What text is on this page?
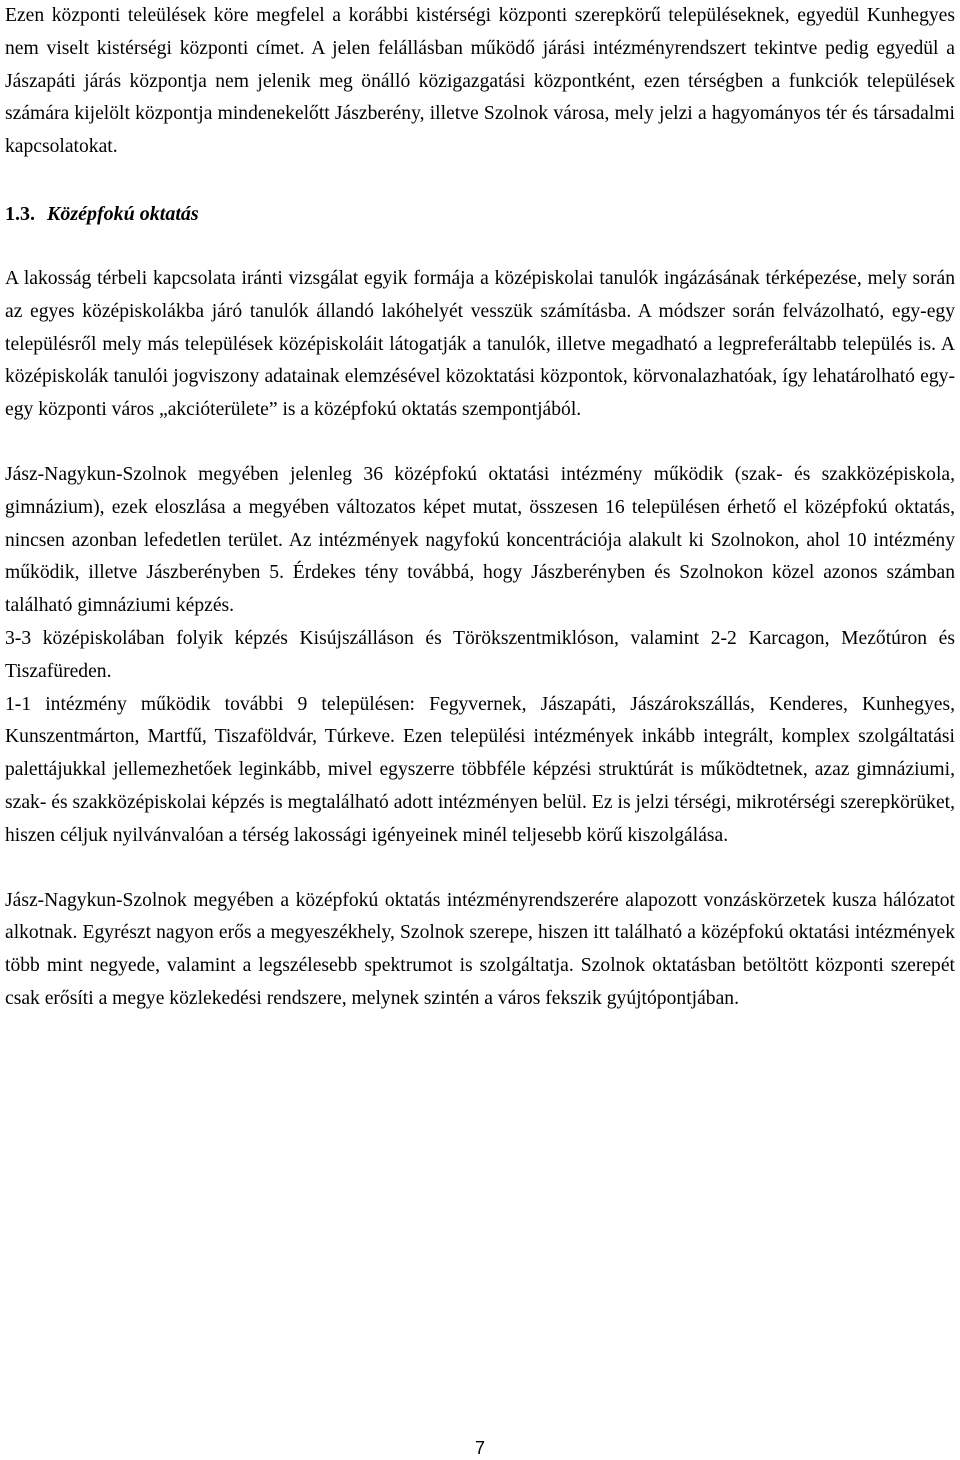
Ezen központi teleülések köre megfelel a korábbi kistérségi központi szerepkörű településeknek, egyedül Kunhegyes nem viselt kistérségi központi címet. A jelen felállásban működő járási intézményrendszert tekintve pedig egyedül a Jászapáti járás központja nem jelenik meg önálló közigazgatási központként, ezen térségben a funkciók települések számára kijelölt központja mindenekelőtt Jászberény, illetve Szolnok városa, mely jelzi a hagyományos tér és társadalmi kapcsolatokat.

1.3. Középfokú oktatás

A lakosság térbeli kapcsolata iránti vizsgálat egyik formája a középiskolai tanulók ingázásának térképezése, mely során az egyes középiskolákba járó tanulók állandó lakóhelyét vesszük számításba. A módszer során felvázolható, egy-egy településről mely más települések középiskoláit látogatják a tanulók, illetve megadható a legpreferáltabb település is. A középiskolák tanulói jogviszony adatainak elemzésével közoktatási központok, körvonalazhatóak, így lehatárolható egy-egy központi város „akcióterülete” is a középfokú oktatás szempontjából.

Jász-Nagykun-Szolnok megyében jelenleg 36 középfokú oktatási intézmény működik (szak- és szakközépiskola, gimnázium), ezek eloszlása a megyében változatos képet mutat, összesen 16 településen érhető el középfokú oktatás, nincsen azonban lefedetlen terület. Az intézmények nagyfokú koncentrációja alakult ki Szolnokon, ahol 10 intézmény működik, illetve Jászberényben 5. Érdekes tény továbbá, hogy Jászberényben és Szolnokon közel azonos számban található gimnáziumi képzés.

3-3 középiskolában folyik képzés Kisújszálláson és Törökszentmiklóson, valamint 2-2 Karcagon, Mezőtúron és Tiszafüreden.

1-1 intézmény működik további 9 településen: Fegyvernek, Jászapáti, Jászárokszállás, Kenderes, Kunhegyes, Kunszentmárton, Martfű, Tiszaföldvár, Túrkeve. Ezen települési intézmények inkább integrált, komplex szolgáltatási palettájukkal jellemezhetőek leginkább, mivel egyszerre többféle képzési struktúrát is működtetnek, azaz gimnáziumi, szak- és szakközépiskolai képzés is megtalálható adott intézményen belül. Ez is jelzi térségi, mikrotérségi szerepkörüket, hiszen céljuk nyilvánvalóan a térség lakossági igényeinek minél teljesebb körű kiszolgálása.

Jász-Nagykun-Szolnok megyében a középfokú oktatás intézményrendszerére alapozott vonzáskörzetek kusza hálózatot alkotnak. Egyrészt nagyon erős a megyeszékhely, Szolnok szerepe, hiszen itt található a középfokú oktatási intézmények több mint negyede, valamint a legszélesebb spektrumot is szolgáltatja. Szolnok oktatásban betöltött központi szerepét csak erősíti a megye közlekedési rendszere, melynek szintén a város fekszik gyújtópontjában.

7
